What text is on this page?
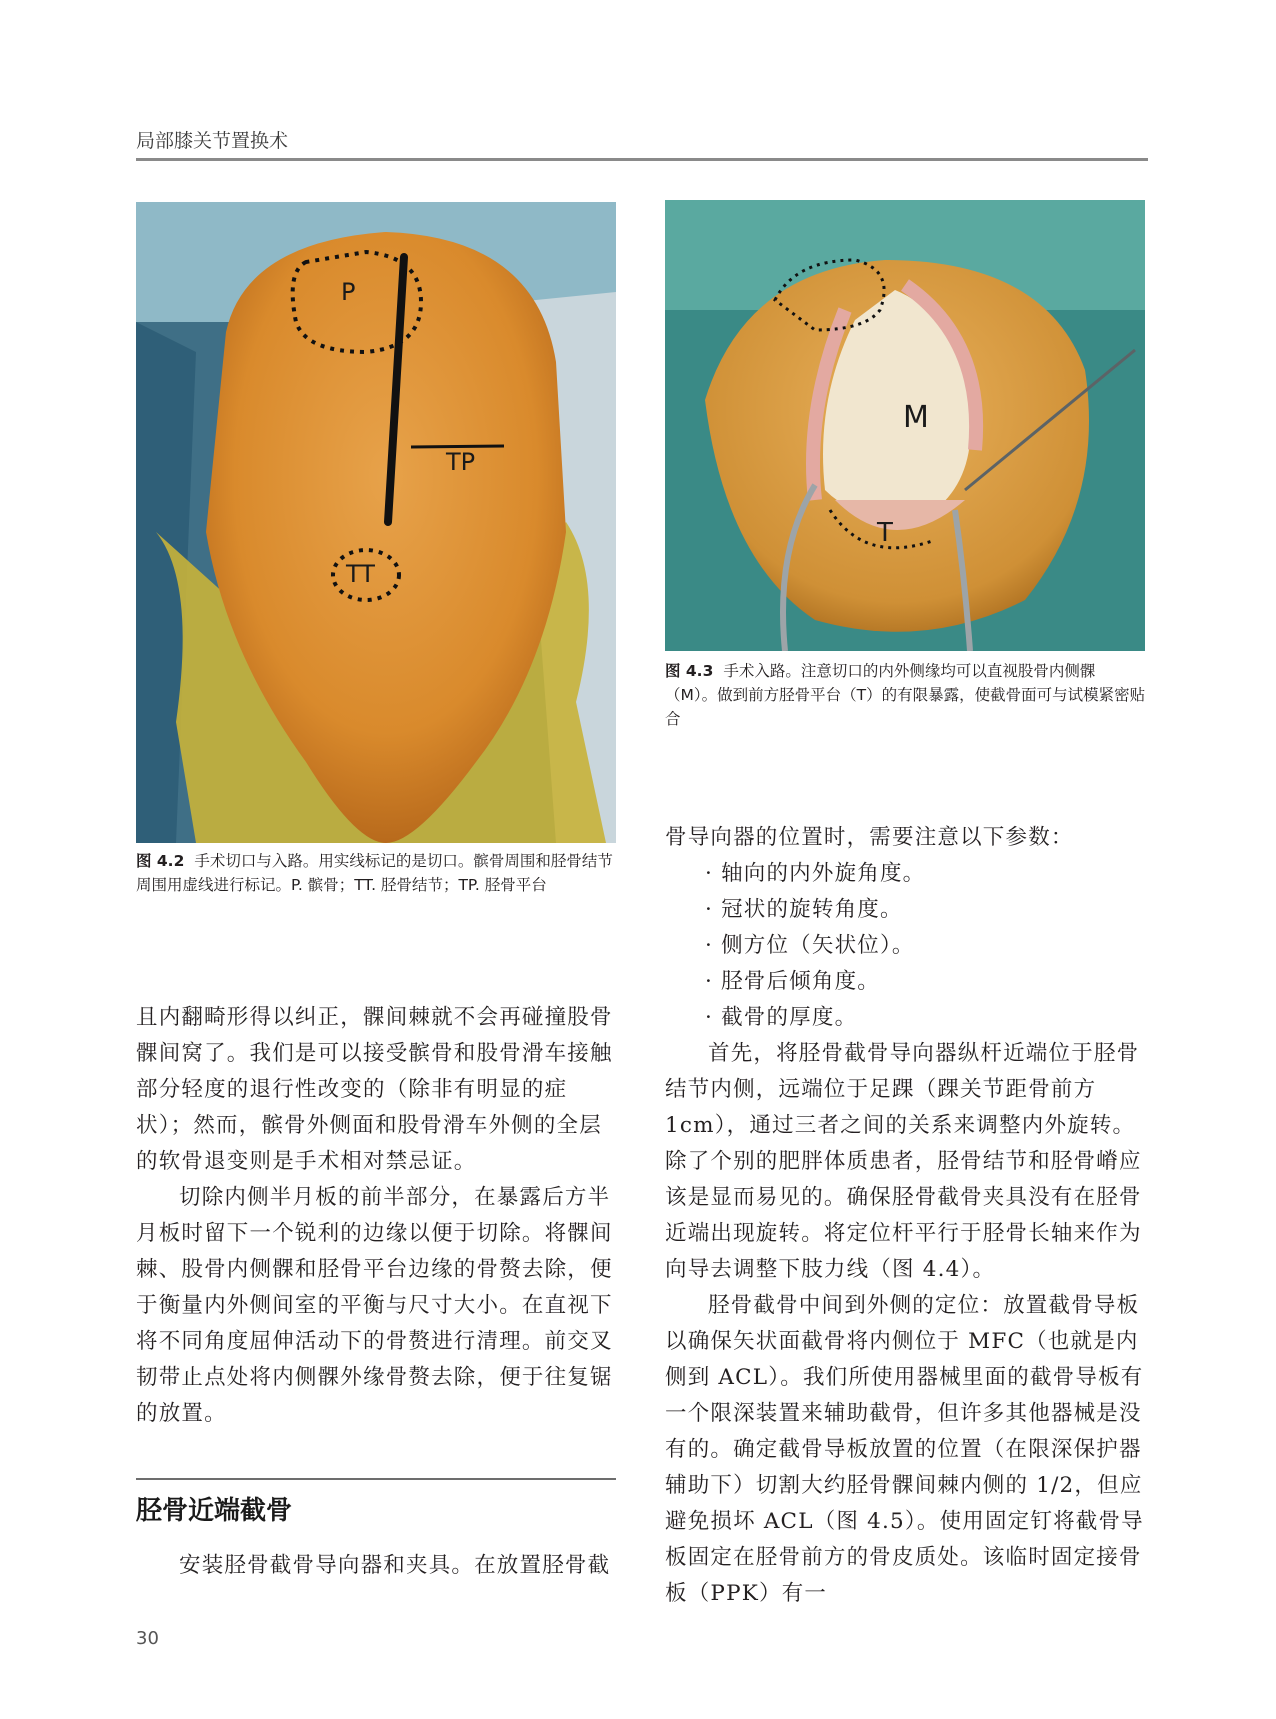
局部膝关节置换术
P
TP
TT
图 4.2 手术切口与入路。用实线标记的是切口。髌骨周围和胫骨结节周围用虚线进行标记。P. 髌骨；TT. 胫骨结节；TP. 胫骨平台
M
T
图 4.3 手术入路。注意切口的内外侧缘均可以直视股骨内侧髁（M）。做到前方胫骨平台（T）的有限暴露，使截骨面可与试模紧密贴合

且内翻畸形得以纠正，髁间棘就不会再碰撞股骨髁间窝了。我们是可以接受髌骨和股骨滑车接触部分轻度的退行性改变的（除非有明显的症状）；然而，髌骨外侧面和股骨滑车外侧的全层的软骨退变则是手术相对禁忌证。

切除内侧半月板的前半部分，在暴露后方半月板时留下一个锐利的边缘以便于切除。将髁间棘、股骨内侧髁和胫骨平台边缘的骨赘去除，便于衡量内外侧间室的平衡与尺寸大小。在直视下将不同角度屈伸活动下的骨赘进行清理。前交叉韧带止点处将内侧髁外缘骨赘去除，便于往复锯的放置。

胫骨近端截骨

安装胫骨截骨导向器和夹具。在放置胫骨截

骨导向器的位置时，需要注意以下参数：

· 轴向的内外旋角度。

· 冠状的旋转角度。

· 侧方位（矢状位）。

· 胫骨后倾角度。

· 截骨的厚度。

首先，将胫骨截骨导向器纵杆近端位于胫骨结节内侧，远端位于足踝（踝关节距骨前方 1cm），通过三者之间的关系来调整内外旋转。除了个别的肥胖体质患者，胫骨结节和胫骨嵴应该是显而易见的。确保胫骨截骨夹具没有在胫骨近端出现旋转。将定位杆平行于胫骨长轴来作为向导去调整下肢力线（图 4.4）。

胫骨截骨中间到外侧的定位：放置截骨导板以确保矢状面截骨将内侧位于 MFC（也就是内侧到 ACL）。我们所使用器械里面的截骨导板有一个限深装置来辅助截骨，但许多其他器械是没有的。确定截骨导板放置的位置（在限深保护器辅助下）切割大约胫骨髁间棘内侧的 1/2，但应避免损坏 ACL（图 4.5）。使用固定钉将截骨导板固定在胫骨前方的骨皮质处。该临时固定接骨板（PPK）有一

30
